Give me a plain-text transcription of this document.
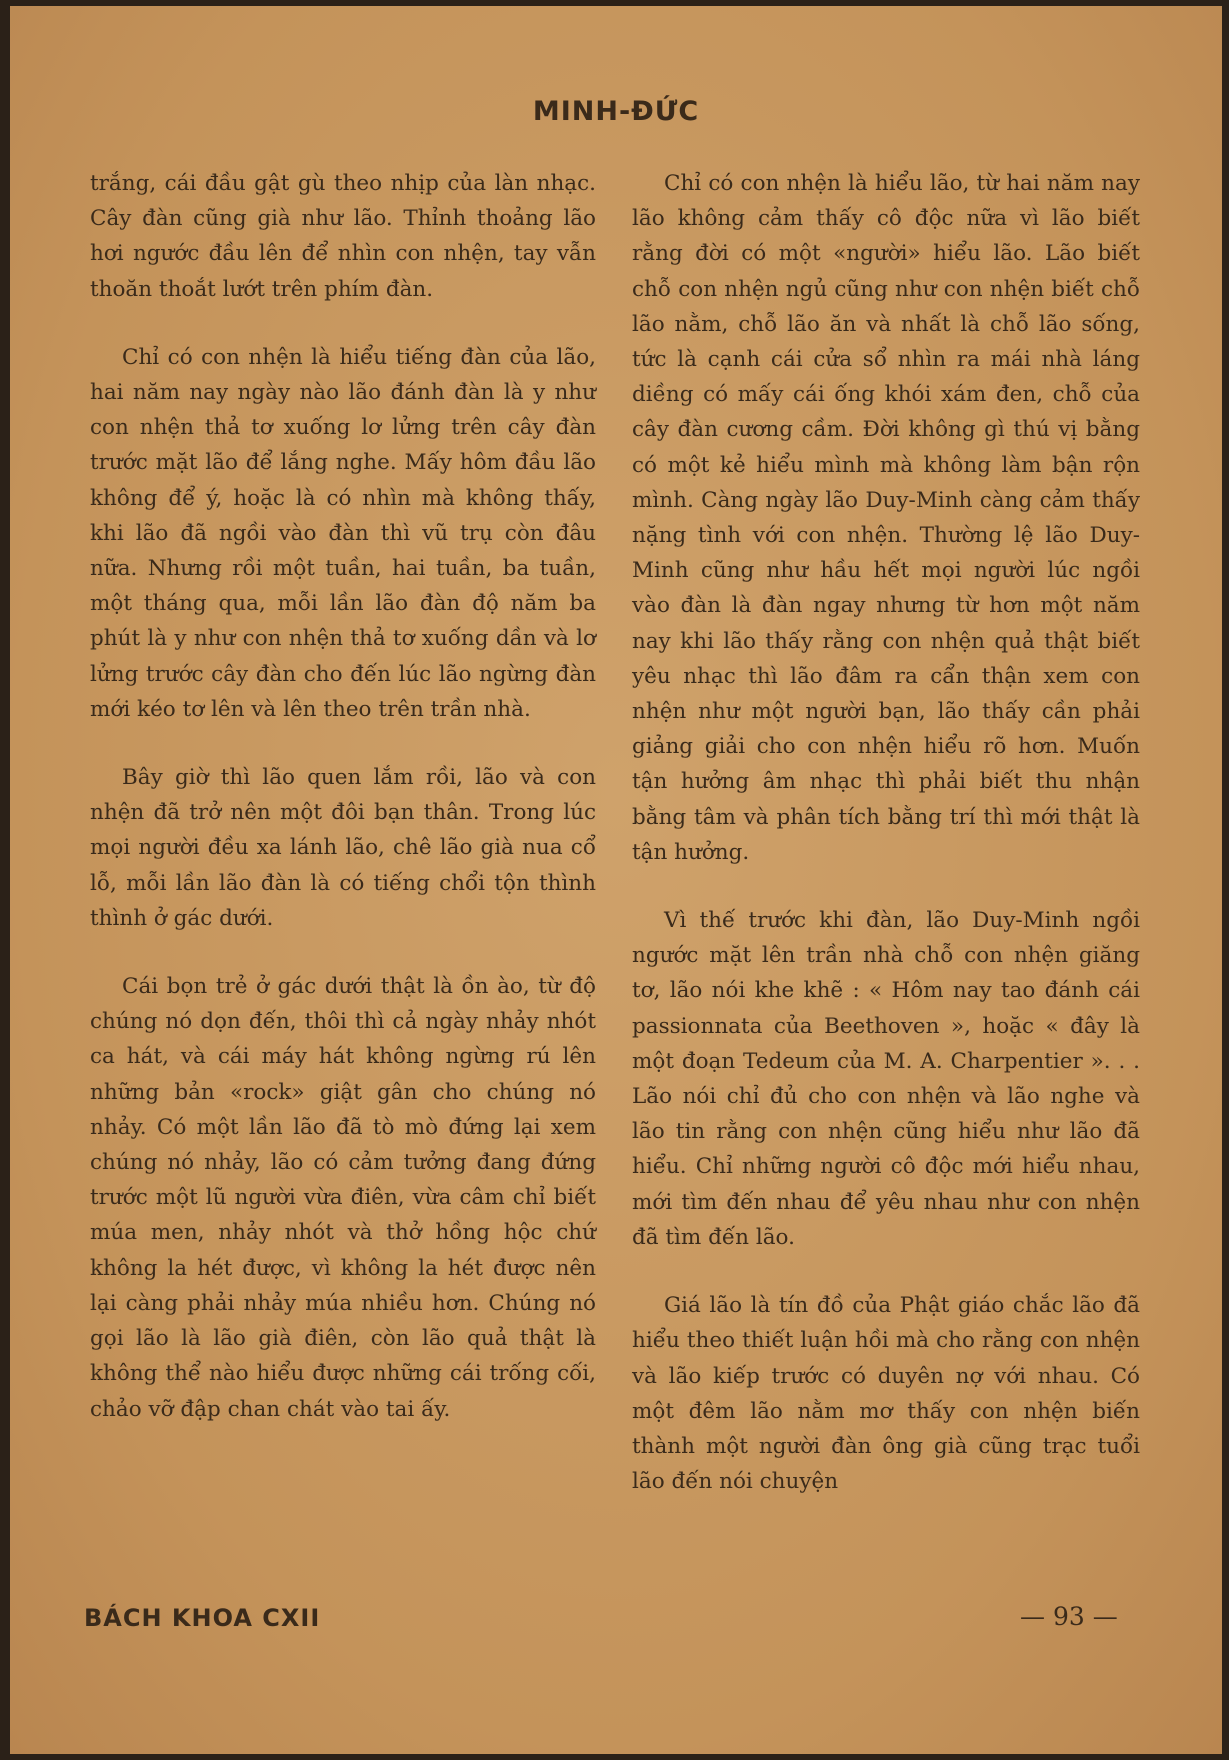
MINH-ĐỨC

trắng, cái đầu gật gù theo nhịp của làn nhạc. Cây đàn cũng già như lão. Thỉnh thoảng lão hơi ngước đầu lên để nhìn con nhện, tay vẫn thoăn thoắt lướt trên phím đàn.

Chỉ có con nhện là hiểu tiếng đàn của lão, hai năm nay ngày nào lão đánh đàn là y như con nhện thả tơ xuống lơ lửng trên cây đàn trước mặt lão để lắng nghe. Mấy hôm đầu lão không để ý, hoặc là có nhìn mà không thấy, khi lão đã ngồi vào đàn thì vũ trụ còn đâu nữa. Nhưng rồi một tuần, hai tuần, ba tuần, một tháng qua, mỗi lần lão đàn độ năm ba phút là y như con nhện thả tơ xuống dần và lơ lửng trước cây đàn cho đến lúc lão ngừng đàn mới kéo tơ lên và lên theo trên trần nhà.

Bây giờ thì lão quen lắm rồi, lão và con nhện đã trở nên một đôi bạn thân. Trong lúc mọi người đều xa lánh lão, chê lão già nua cổ lỗ, mỗi lần lão đàn là có tiếng chổi tộn thình thình ở gác dưới.

Cái bọn trẻ ở gác dưới thật là ồn ào, từ độ chúng nó dọn đến, thôi thì cả ngày nhảy nhót ca hát, và cái máy hát không ngừng rú lên những bản «rock» giật gân cho chúng nó nhảy. Có một lần lão đã tò mò đứng lại xem chúng nó nhảy, lão có cảm tưởng đang đứng trước một lũ người vừa điên, vừa câm chỉ biết múa men, nhảy nhót và thở hồng hộc chứ không la hét được, vì không la hét được nên lại càng phải nhảy múa nhiều hơn. Chúng nó gọi lão là lão già điên, còn lão quả thật là không thể nào hiểu được những cái trống cối, chảo vỡ đập chan chát vào tai ấy.

Chỉ có con nhện là hiểu lão, từ hai năm nay lão không cảm thấy cô độc nữa vì lão biết rằng đời có một «người» hiểu lão. Lão biết chỗ con nhện ngủ cũng như con nhện biết chỗ lão nằm, chỗ lão ăn và nhất là chỗ lão sống, tức là cạnh cái cửa sổ nhìn ra mái nhà láng diềng có mấy cái ống khói xám đen, chỗ của cây đàn cương cầm. Đời không gì thú vị bằng có một kẻ hiểu mình mà không làm bận rộn mình. Càng ngày lão Duy-Minh càng cảm thấy nặng tình với con nhện. Thường lệ lão Duy-Minh cũng như hầu hết mọi người lúc ngồi vào đàn là đàn ngay nhưng từ hơn một năm nay khi lão thấy rằng con nhện quả thật biết yêu nhạc thì lão đâm ra cẩn thận xem con nhện như một người bạn, lão thấy cần phải giảng giải cho con nhện hiểu rõ hơn. Muốn tận hưởng âm nhạc thì phải biết thu nhận bằng tâm và phân tích bằng trí thì mới thật là tận hưởng.

Vì thế trước khi đàn, lão Duy-Minh ngồi ngước mặt lên trần nhà chỗ con nhện giăng tơ, lão nói khe khẽ : « Hôm nay tao đánh cái passionnata của Beethoven », hoặc « đây là một đoạn Tedeum của M. A. Charpentier ». . . Lão nói chỉ đủ cho con nhện và lão nghe và lão tin rằng con nhện cũng hiểu như lão đã hiểu. Chỉ những người cô độc mới hiểu nhau, mới tìm đến nhau để yêu nhau như con nhện đã tìm đến lão.

Giá lão là tín đồ của Phật giáo chắc lão đã hiểu theo thiết luận hồi mà cho rằng con nhện và lão kiếp trước có duyên nợ với nhau. Có một đêm lão nằm mơ thấy con nhện biến thành một người đàn ông già cũng trạc tuổi lão đến nói chuyện

BÁCH KHOA CXII	— 93 —
